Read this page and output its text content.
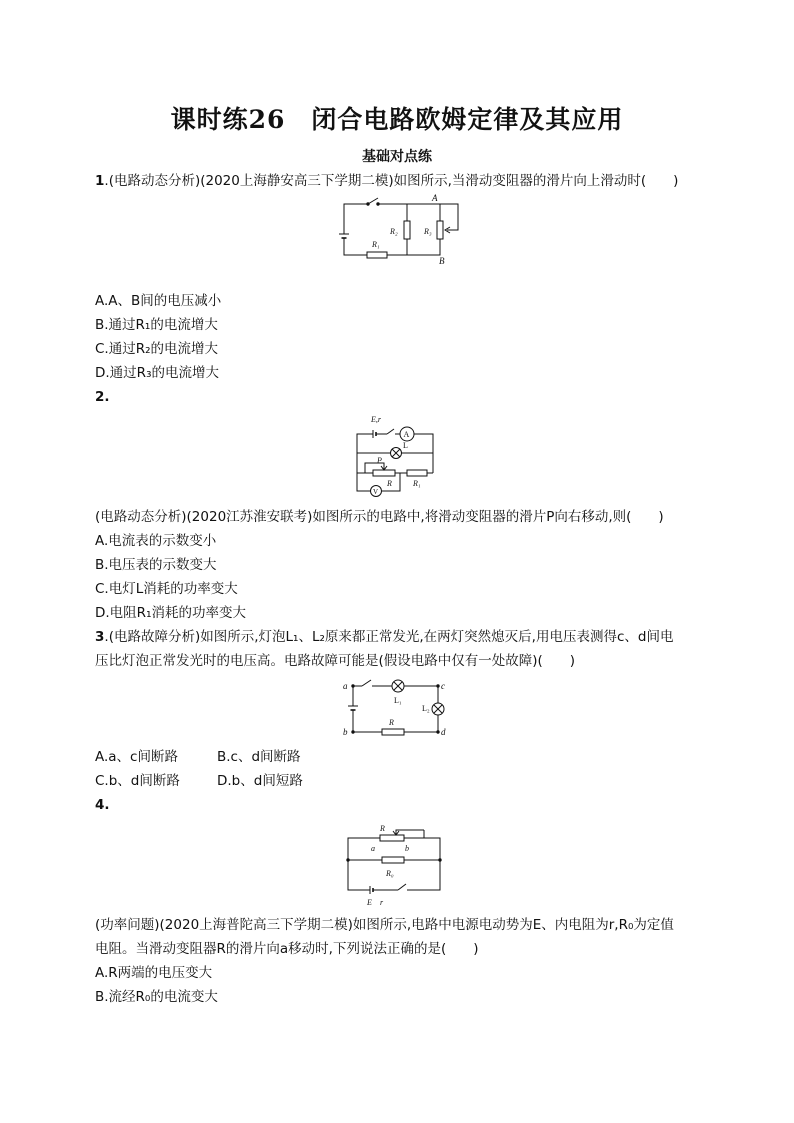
课时练26　闭合电路欧姆定律及其应用
基础对点练
1.(电路动态分析)(2020上海静安高三下学期二模)如图所示,当滑动变阻器的滑片向上滑动时(　　)
A
B
R₂	R₃
R₁
A.A、B间的电压减小
B.通过R₁的电流增大
C.通过R₂的电流增大
D.通过R₃的电流增大
2.
E,r
A
L
P
R	R₁
V
(电路动态分析)(2020江苏淮安联考)如图所示的电路中,将滑动变阻器的滑片P向右移动,则(　　)
A.电流表的示数变小
B.电压表的示数变大
C.电灯L消耗的功率变大
D.电阻R₁消耗的功率变大
3.(电路故障分析)如图所示,灯泡L₁、L₂原来都正常发光,在两灯突然熄灭后,用电压表测得c、d间电
压比灯泡正常发光时的电压高。电路故障可能是(假设电路中仅有一处故障)(　　)
a	c
b	d
L₁
L₂
R
A.a、c间断路	B.c、d间断路
C.b、d间断路	D.b、d间短路
4.
R
a	b
R₀
E r
(功率问题)(2020上海普陀高三下学期二模)如图所示,电路中电源电动势为E、内电阻为r,R₀为定值
电阻。当滑动变阻器R的滑片向a移动时,下列说法正确的是(　　)
A.R两端的电压变大
B.流经R₀的电流变大
